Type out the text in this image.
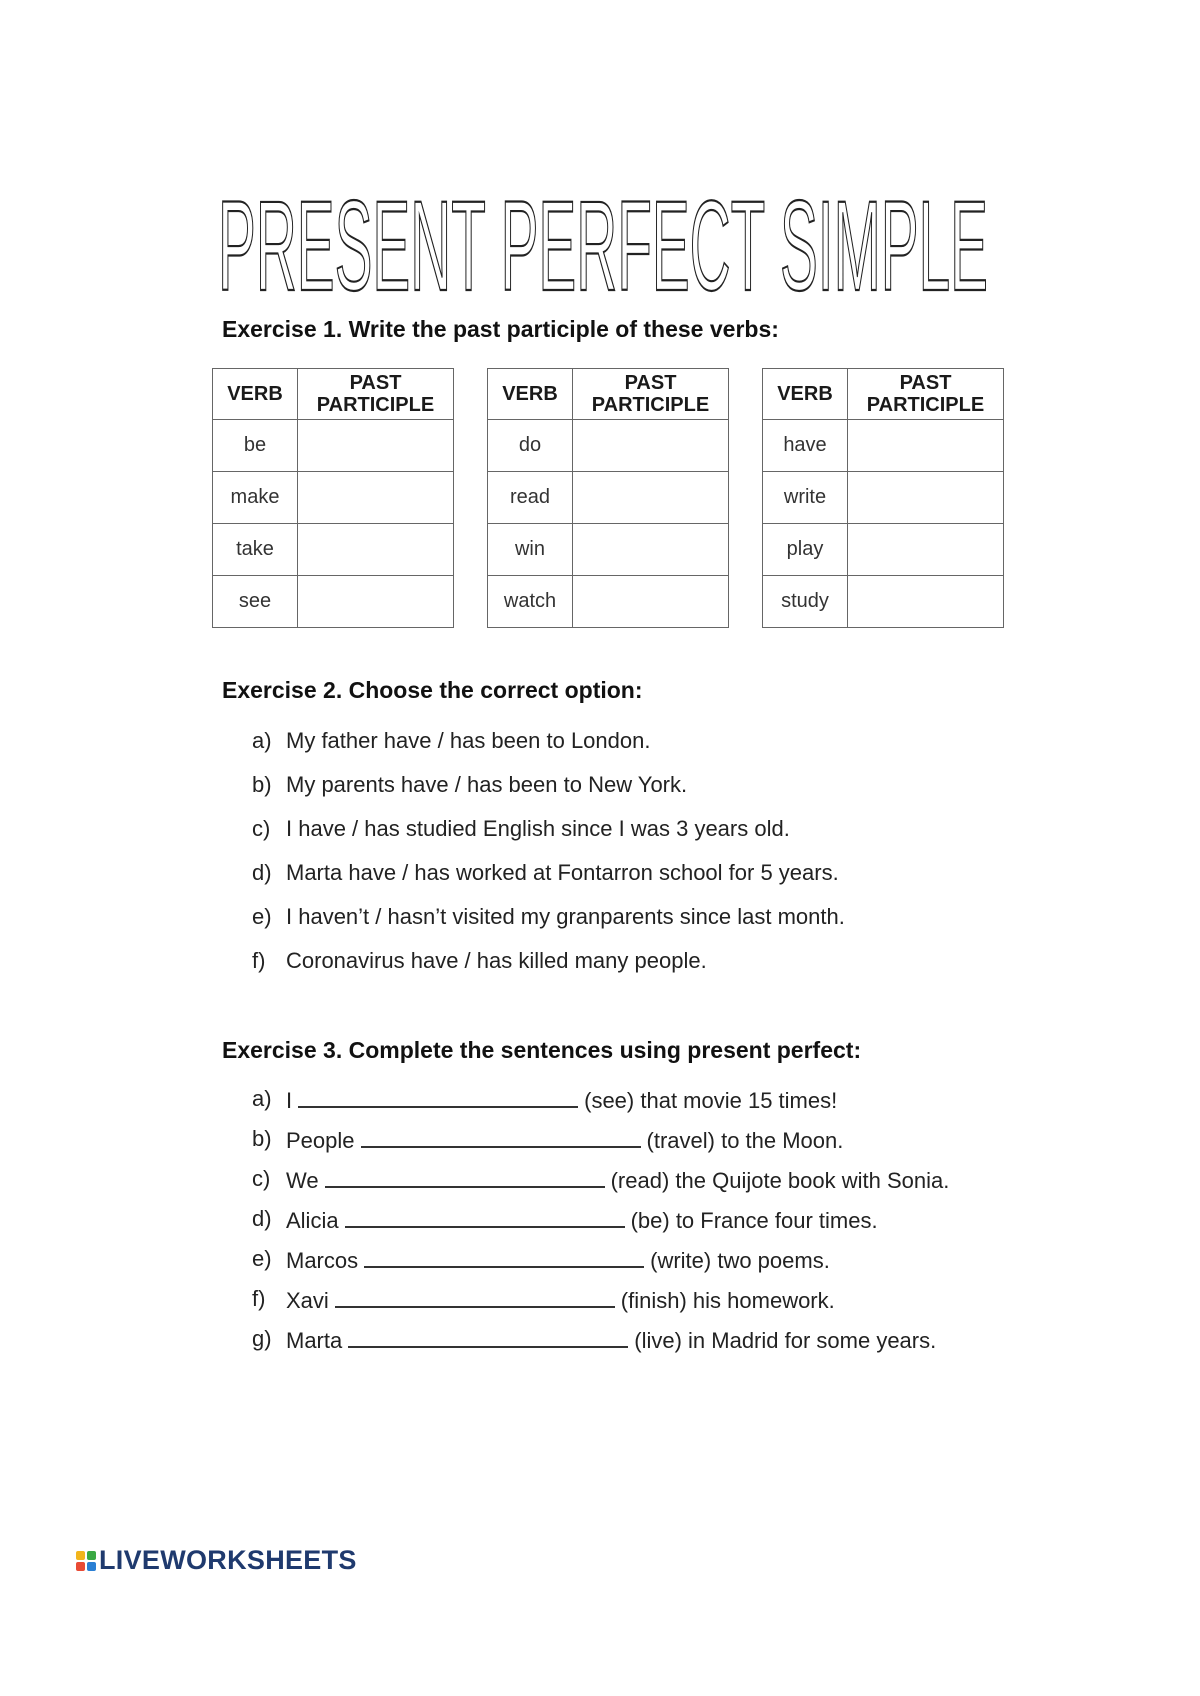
PRESENT PERFECT SIMPLE
Exercise 1. Write the past participle of these verbs:
VERB	PAST
PARTICIPLE
be	
make	
take	
see	
VERB	PAST
PARTICIPLE
do	
read	
win	
watch	
VERB	PAST
PARTICIPLE
have	
write	
play	
study	
Exercise 2. Choose the correct option:
a) My father have / has been to London.
b) My parents have / has been to New York.
c) I have / has studied English since I was 3 years old.
d) Marta have / has worked at Fontarron school for 5 years.
e) I haven’t / hasn’t visited my granparents since last month.
f) Coronavirus have / has killed many people.
Exercise 3. Complete the sentences using present perfect:
a) I	(see) that movie 15 times!
b) People	(travel) to the Moon.
c) We	(read) the Quijote book with Sonia.
d) Alicia	(be) to France four times.
e) Marcos	(write) two poems.
f) Xavi	(finish) his homework.
g) Marta	(live) in Madrid for some years.
LIVEWORKSHEETS
